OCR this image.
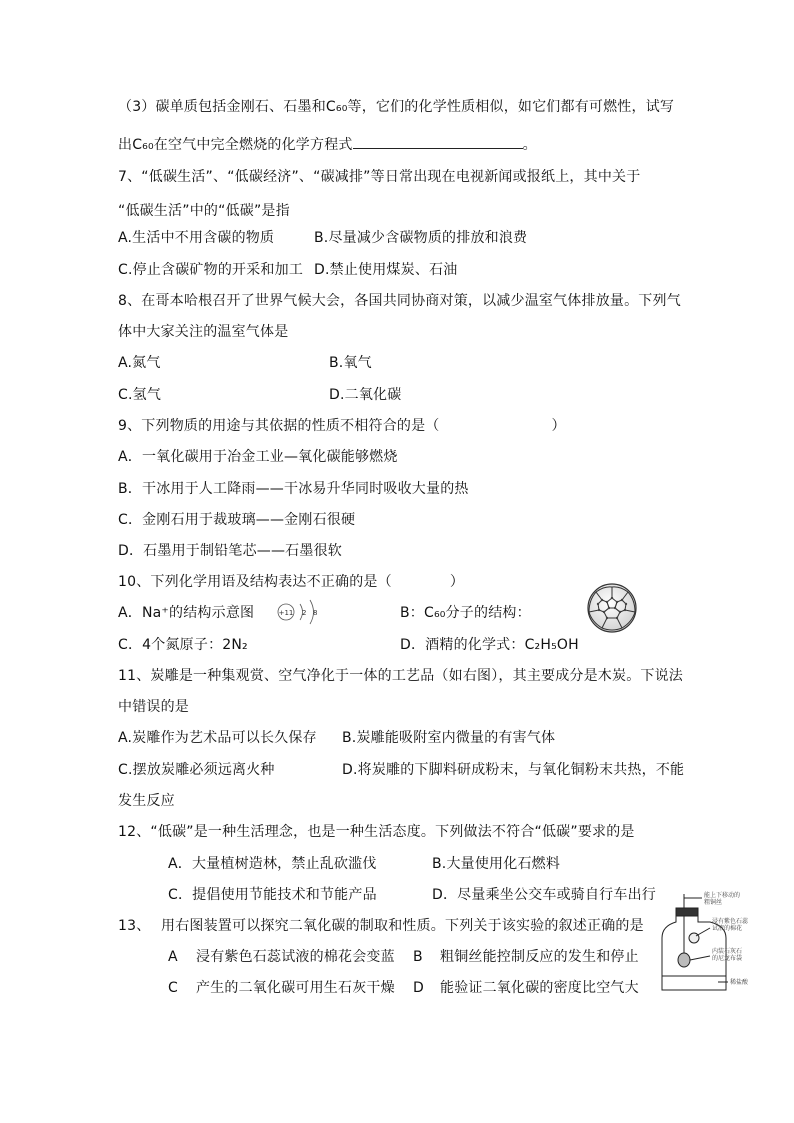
（3）碳单质包括金刚石、石墨和C₆₀等，它们的化学性质相似，如它们都有可燃性，试写
出C₆₀在空气中完全燃烧的化学方程式	。
7、“低碳生活”、“低碳经济”、“碳减排”等日常出现在电视新闻或报纸上，其中关于
“低碳生活”中的“低碳”是指
A.生活中不用含碳的物质	B.尽量减少含碳物质的排放和浪费
C.停止含碳矿物的开采和加工 D.禁止使用煤炭、石油
8、在哥本哈根召开了世界气候大会，各国共同协商对策，以减少温室气体排放量。下列气
体中大家关注的温室气体是
A.氮气	B.氧气
C.氢气	D.二氧化碳
9、下列物质的用途与其依据的性质不相符合的是（	）
A．一氧化碳用于冶金工业—氧化碳能够燃烧
B．干冰用于人工降雨——干冰易升华同时吸收大量的热
C．金刚石用于裁玻璃——金刚石很硬
D．石墨用于制铅笔芯——石墨很软
10、下列化学用语及结构表达不正确的是（	）
A．Na⁺的结构示意图	+11 2 8	B：C₆₀分子的结构：
C．4个氮原子：2N₂	D．酒精的化学式：C₂H₅OH
11、炭雕是一种集观赏、空气净化于一体的工艺品（如右图），其主要成分是木炭。下说法
中错误的是
A.炭雕作为艺术品可以长久保存 B.炭雕能吸附室内微量的有害气体
C.摆放炭雕必须远离火种	D.将炭雕的下脚料研成粉末，与氧化铜粉末共热，不能
发生反应
12、“低碳”是一种生活理念，也是一种生活态度。下列做法不符合“低碳”要求的是
A．大量植树造林，禁止乱砍滥伐	B.大量使用化石燃料
C．提倡使用节能技术和节能产品	D．尽量乘坐公交车或骑自行车出行
13、 用右图装置可以探究二氧化碳的制取和性质。下列关于该实验的叙述正确的是
A 浸有紫色石蕊试液的棉花会变蓝 B 粗铜丝能控制反应的发生和停止
C 产生的二氧化碳可用生石灰干燥 D 能验证二氧化碳的密度比空气大
能上下移动的
粗铜丝
浸有紫色石蕊
试液的棉花
内装石灰石
的尼龙布袋
稀盐酸
